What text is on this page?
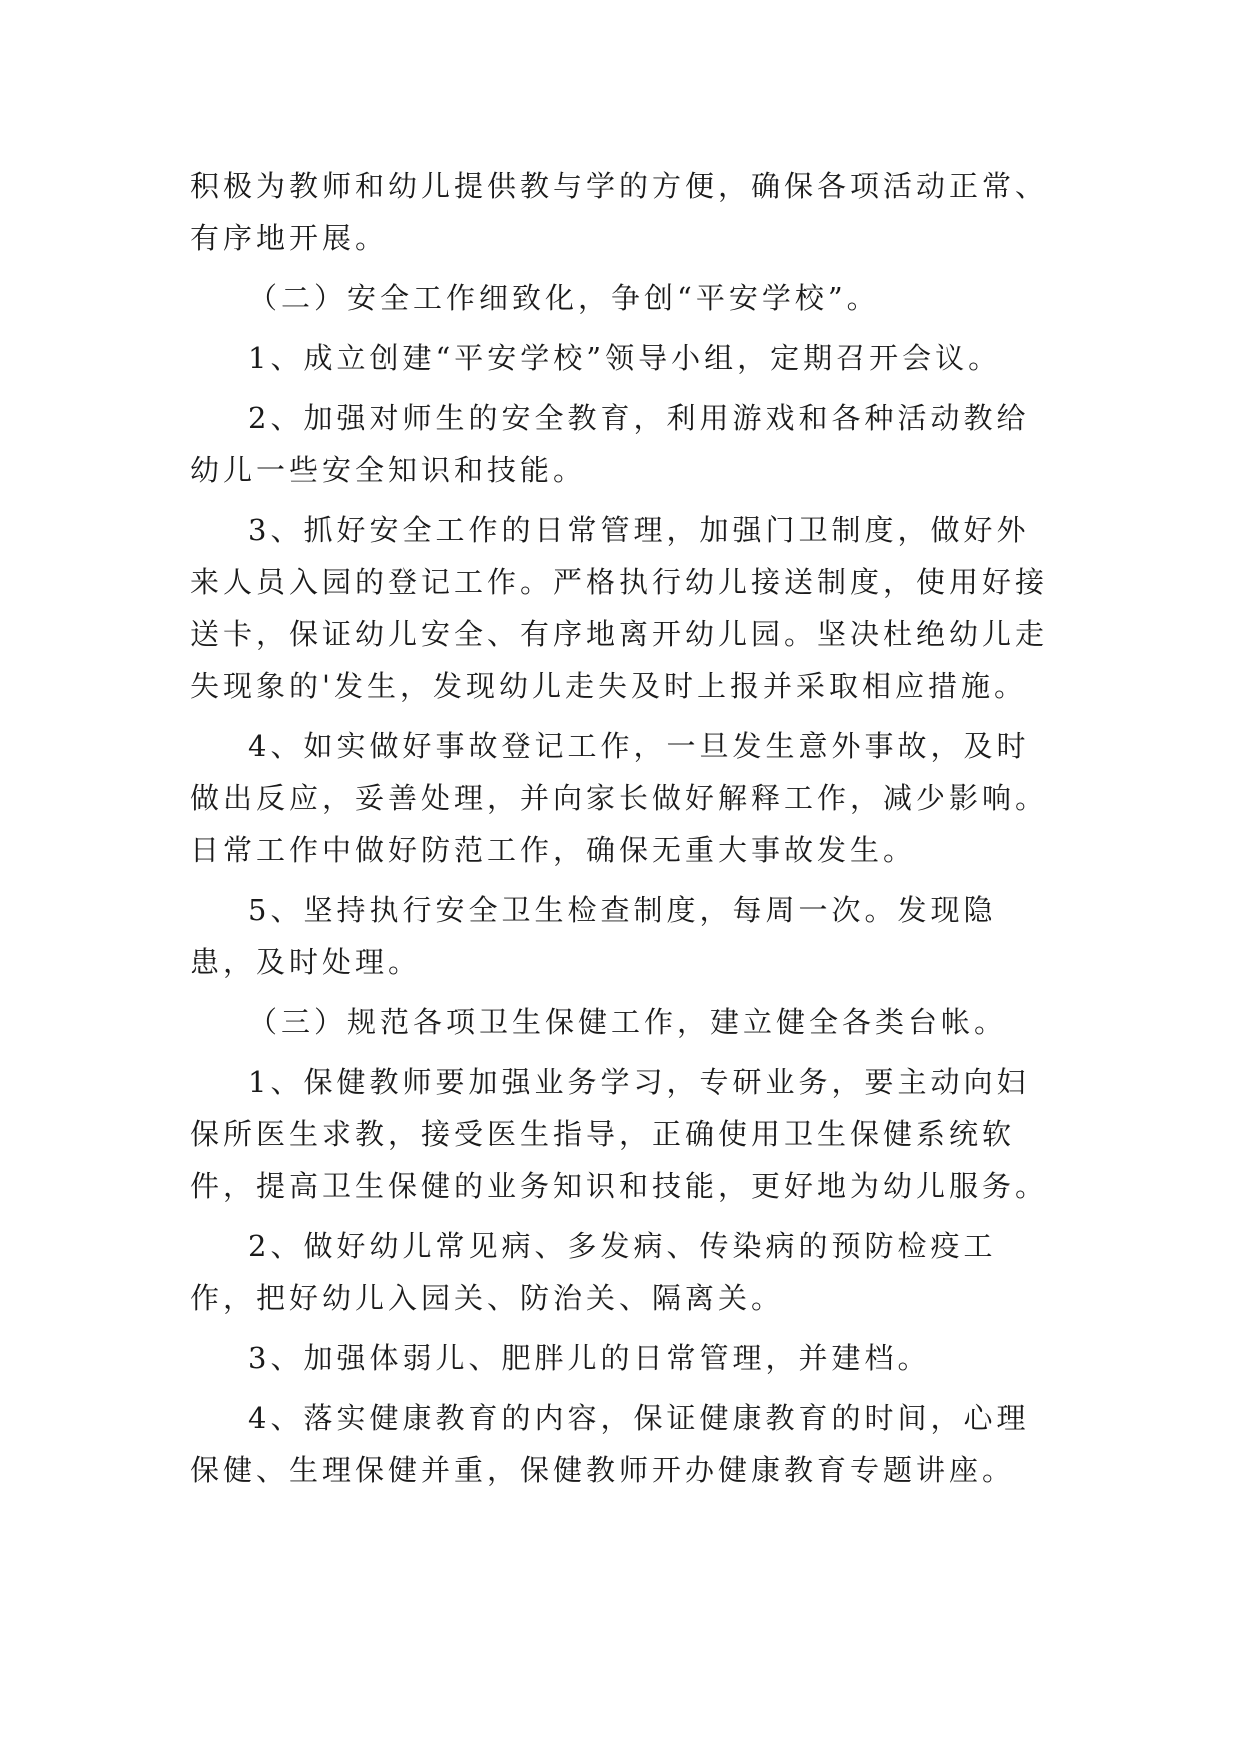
积极为教师和幼儿提供教与学的方便，确保各项活动正常、有序地开展。

（二）安全工作细致化，争创“平安学校”。

1、成立创建“平安学校”领导小组，定期召开会议。

2、加强对师生的安全教育，利用游戏和各种活动教给幼儿一些安全知识和技能。

3、抓好安全工作的日常管理，加强门卫制度，做好外来人员入园的登记工作。严格执行幼儿接送制度，使用好接送卡，保证幼儿安全、有序地离开幼儿园。坚决杜绝幼儿走失现象的'发生，发现幼儿走失及时上报并采取相应措施。

4、如实做好事故登记工作，一旦发生意外事故，及时做出反应，妥善处理，并向家长做好解释工作，减少影响。日常工作中做好防范工作，确保无重大事故发生。

5、坚持执行安全卫生检查制度，每周一次。发现隐患，及时处理。

（三）规范各项卫生保健工作，建立健全各类台帐。

1、保健教师要加强业务学习，专研业务，要主动向妇保所医生求教，接受医生指导，正确使用卫生保健系统软件，提高卫生保健的业务知识和技能，更好地为幼儿服务。

2、做好幼儿常见病、多发病、传染病的预防检疫工作，把好幼儿入园关、防治关、隔离关。

3、加强体弱儿、肥胖儿的日常管理，并建档。

4、落实健康教育的内容，保证健康教育的时间，心理保健、生理保健并重，保健教师开办健康教育专题讲座。
